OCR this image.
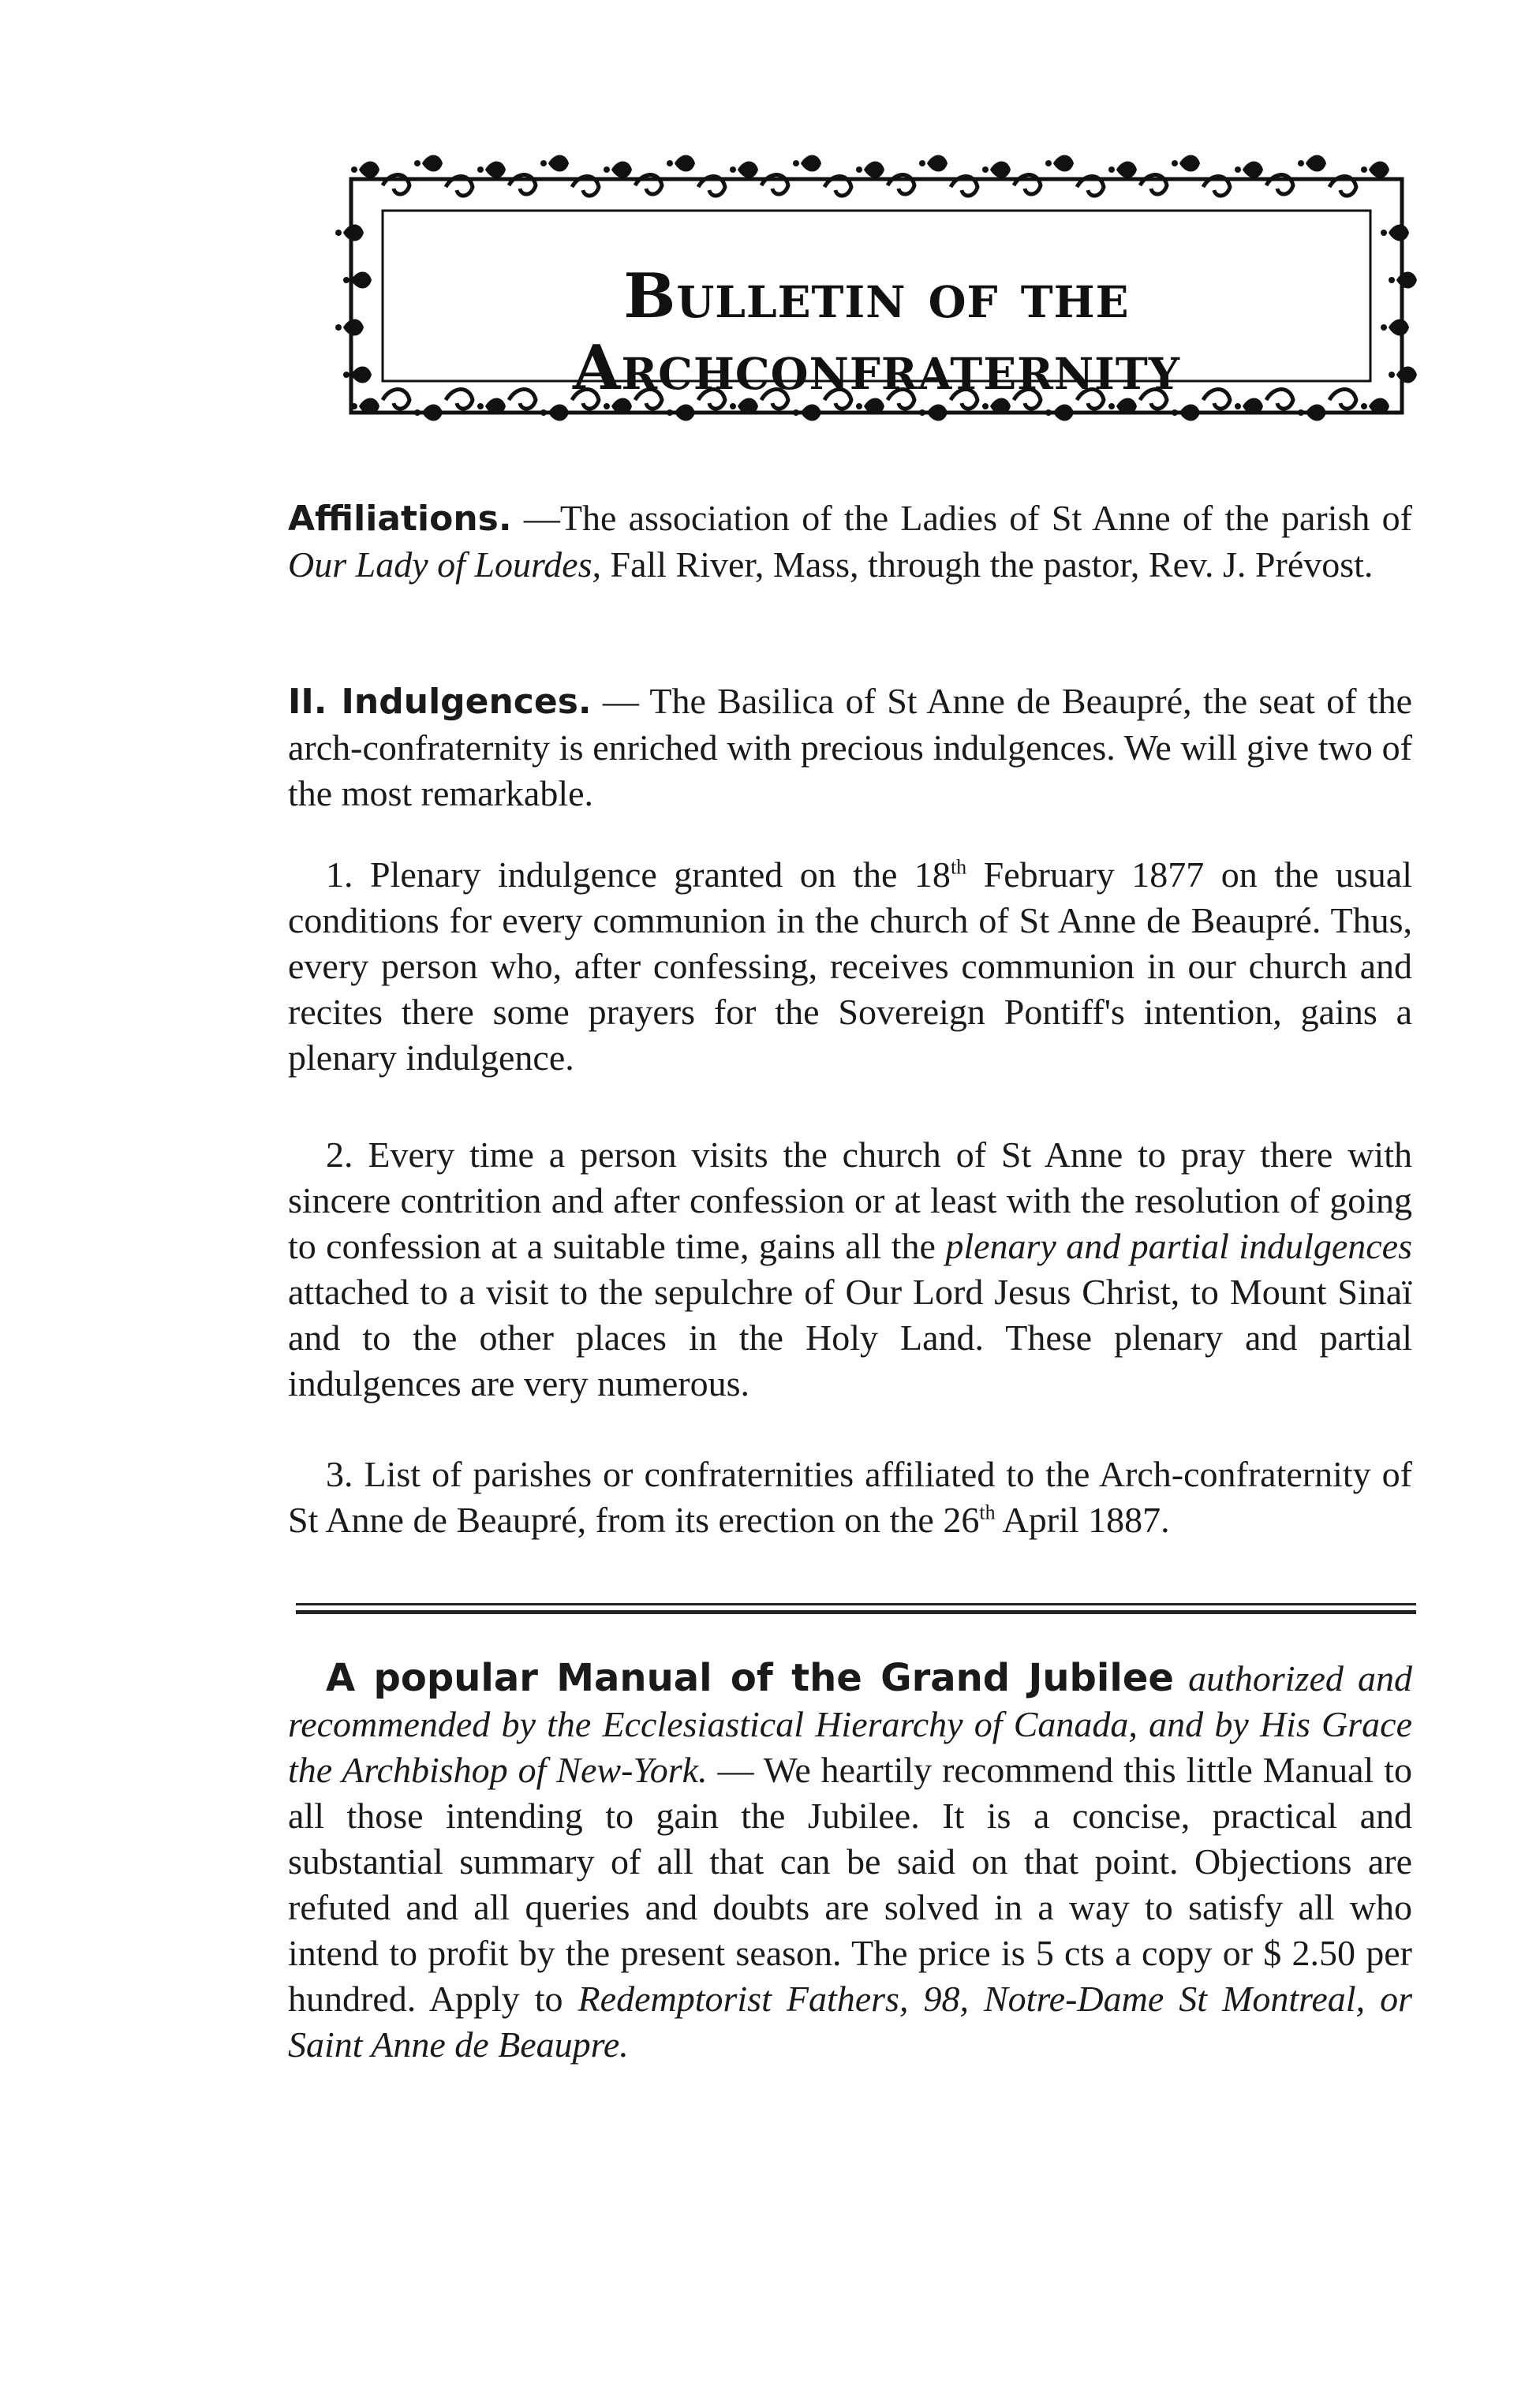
Bulletin of the Archconfraternity

Affiliations. —The association of the Ladies of St Anne of the parish of Our Lady of Lourdes, Fall River, Mass, through the pastor, Rev. J. Prévost.

II. Indulgences. — The Basilica of St Anne de Beaupré, the seat of the arch-confraternity is enriched with precious indulgences. We will give two of the most remarkable.

1. Plenary indulgence granted on the 18th February 1877 on the usual conditions for every communion in the church of St Anne de Beaupré. Thus, every person who, after confessing, receives communion in our church and recites there some prayers for the Sovereign Pontiff's intention, gains a plenary indulgence.

2. Every time a person visits the church of St Anne to pray there with sincere contrition and after confession or at least with the resolution of going to confession at a suitable time, gains all the plenary and partial indulgences attached to a visit to the sepulchre of Our Lord Jesus Christ, to Mount Sinaï and to the other places in the Holy Land. These plenary and partial indulgences are very numerous.

3. List of parishes or confraternities affiliated to the Arch-confraternity of St Anne de Beaupré, from its erection on the 26th April 1887.

A popular Manual of the Grand Jubilee authorized and recommended by the Ecclesiastical Hierarchy of Canada, and by His Grace the Archbishop of New-York. — We heartily recommend this little Manual to all those intending to gain the Jubilee. It is a concise, practical and substantial summary of all that can be said on that point. Objections are refuted and all queries and doubts are solved in a way to satisfy all who intend to profit by the present season. The price is 5 cts a copy or $ 2.50 per hundred. Apply to Redemptorist Fathers, 98, Notre-Dame St Montreal, or Saint Anne de Beaupre.
